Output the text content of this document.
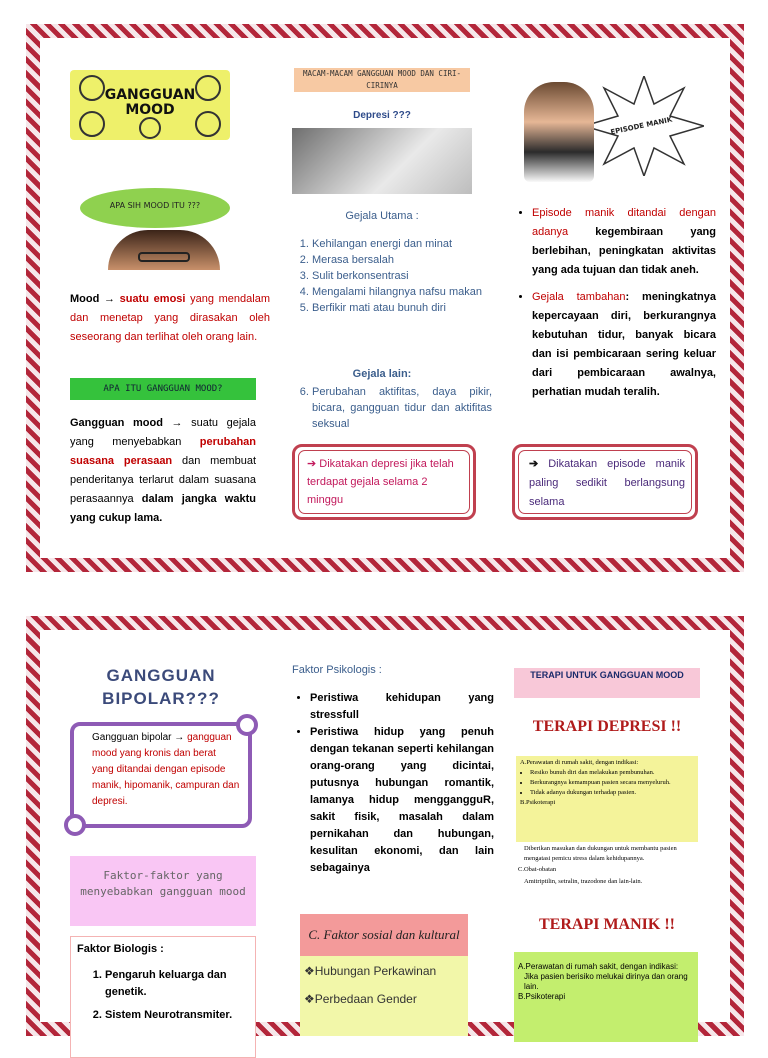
GANGGUAN
MOOD
APA SIH MOOD ITU ???
Mood → suatu emosi yang mendalam dan menetap yang dirasakan oleh seseorang dan terlihat oleh orang lain.
APA ITU GANGGUAN MOOD?
Gangguan mood → suatu gejala yang menyebabkan perubahan suasana perasaan dan membuat penderitanya terlarut dalam suasana perasaannya dalam jangka waktu yang cukup lama.
MACAM-MACAM GANGGUAN MOOD DAN CIRI-CIRINYA
Depresi ???
Gejala Utama :
1. Kehilangan energi dan minat
2. Merasa bersalah
3. Sulit berkonsentrasi
4. Mengalami hilangnya nafsu makan
5. Berfikir mati atau bunuh diri
Gejala lain:
6. Perubahan aktifitas, daya pikir, bicara, gangguan tidur dan aktifitas seksual
➔ Dikatakan depresi jika telah terdapat gejala selama 2 minggu
EPISODE MANIK
• Episode manik ditandai dengan adanya kegembiraan yang berlebihan, peningkatan aktivitas yang ada tujuan dan tidak aneh.
• Gejala tambahan: meningkatnya kepercayaan diri, berkurangnya kebutuhan tidur, banyak bicara dan isi pembicaraan sering keluar dari pembicaraan awalnya, perhatian mudah teralih.
➔ Dikatakan episode manik paling sedikit berlangsung selama
GANGGUAN BIPOLAR???
Gangguan bipolar → gangguan mood yang kronis dan berat yang ditandai dengan episode manik, hipomanik, campuran dan depresi.
Faktor-faktor yang menyebabkan gangguan mood
Faktor Biologis :
1. Pengaruh keluarga dan genetik.
2. Sistem Neurotransmiter.
Faktor Psikologis :
• Peristiwa kehidupan yang stressfull
• Peristiwa hidup yang penuh dengan tekanan seperti kehilangan orang-orang yang dicintai, putusnya hubungan romantik, lamanya hidup menggangguR, sakit fisik, masalah dalam pernikahan dan hubungan, kesulitan ekonomi, dan lain sebagainya
C. Faktor sosial dan kultural
❖Hubungan Perkawinan
❖Perbedaan Gender
TERAPI UNTUK GANGGUAN MOOD
TERAPI DEPRESI !!
A.Perawatan di rumah sakit, dengan indikasi:
• Resiko bunuh diri dan melakukan pembunuhan.
• Berkurangnya kemampuan pasien secara menyeluruh.
• Tidak adanya dukungan terhadap pasien.
B.Psikoterapi
Diberikan masukan dan dukungan untuk membantu pasien mengatasi pemicu stress dalam kehidupannya.
C.Obat-obatan
Amitriptilin, setralin, trazodone dan lain-lain.
TERAPI MANIK !!
A.Perawatan di rumah sakit, dengan indikasi:
Jika pasien berisiko melukai dirinya dan orang lain.
B.Psikoterapi
